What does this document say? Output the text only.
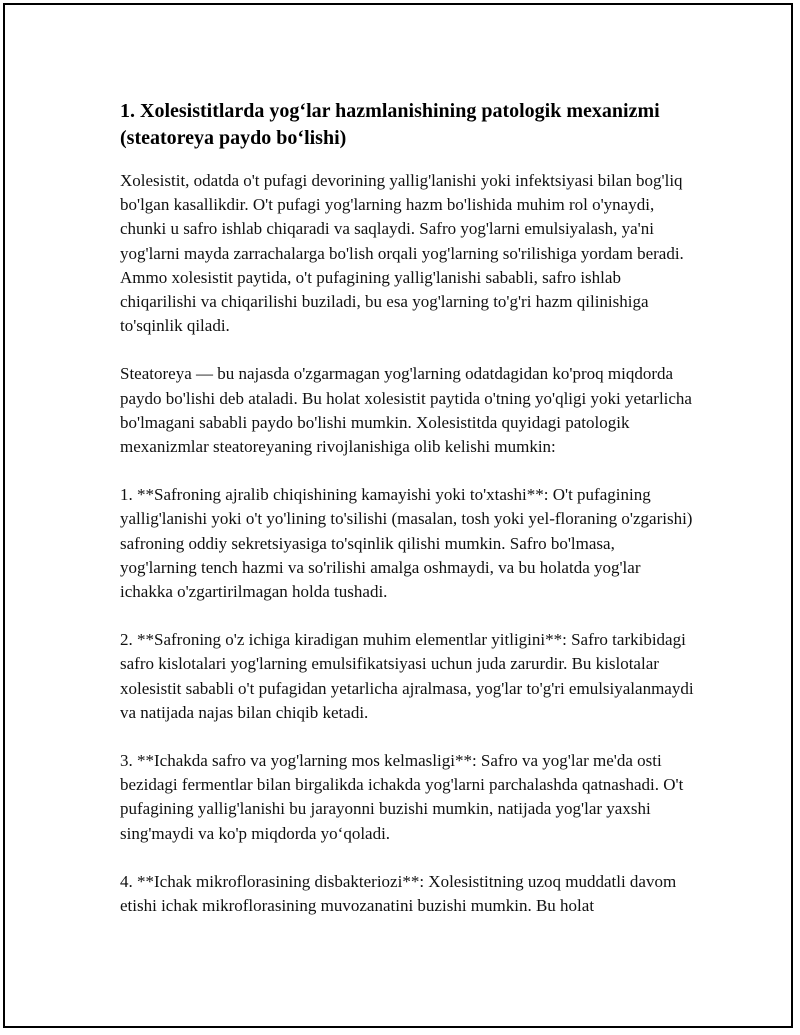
1. Xolesistitlarda yog‘lar hazmlanishining patologik mexanizmi (steatoreya paydo bo‘lishi)

Xolesistit, odatda o't pufagi devorining yallig'lanishi yoki infektsiyasi bilan bog'liq bo'lgan kasallikdir. O't pufagi yog'larning hazm bo'lishida muhim rol o'ynaydi, chunki u safro ishlab chiqaradi va saqlaydi. Safro yog'larni emulsiyalash, ya'ni yog'larni mayda zarrachalarga bo'lish orqali yog'larning so'rilishiga yordam beradi. Ammo xolesistit paytida, o't pufagining yallig'lanishi sababli, safro ishlab chiqarilishi va chiqarilishi buziladi, bu esa yog'larning to'g'ri hazm qilinishiga to'sqinlik qiladi.

Steatoreya — bu najasda o'zgarmagan yog'larning odatdagidan ko'proq miqdorda paydo bo'lishi deb ataladi. Bu holat xolesistit paytida o'tning yo'qligi yoki yetarlicha bo'lmagani sababli paydo bo'lishi mumkin. Xolesistitda quyidagi patologik mexanizmlar steatoreyaning rivojlanishiga olib kelishi mumkin:

1. **Safroning ajralib chiqishining kamayishi yoki to'xtashi**: O't pufagining yallig'lanishi yoki o't yo'lining to'silishi (masalan, tosh yoki yel-floraning o'zgarishi) safroning oddiy sekretsiyasiga to'sqinlik qilishi mumkin. Safro bo'lmasa, yog'larning tench hazmi va so'rilishi amalga oshmaydi, va bu holatda yog'lar ichakka o'zgartirilmagan holda tushadi.

2. **Safroning o'z ichiga kiradigan muhim elementlar yitligini**: Safro tarkibidagi safro kislotalari yog'larning emulsifikatsiyasi uchun juda zarurdir. Bu kislotalar xolesistit sababli o't pufagidan yetarlicha ajralmasa, yog'lar to'g'ri emulsiyalanmaydi va natijada najas bilan chiqib ketadi.

3. **Ichakda safro va yog'larning mos kelmasligi**: Safro va yog'lar me'da osti bezidagi fermentlar bilan birgalikda ichakda yog'larni parchalashda qatnashadi. O't pufagining yallig'lanishi bu jarayonni buzishi mumkin, natijada yog'lar yaxshi sing'maydi va ko'p miqdorda yo‘qoladi.

4. **Ichak mikroflorasining disbakteriozi**: Xolesistitning uzoq muddatli davom etishi ichak mikroflorasining muvozanatini buzishi mumkin. Bu holat
